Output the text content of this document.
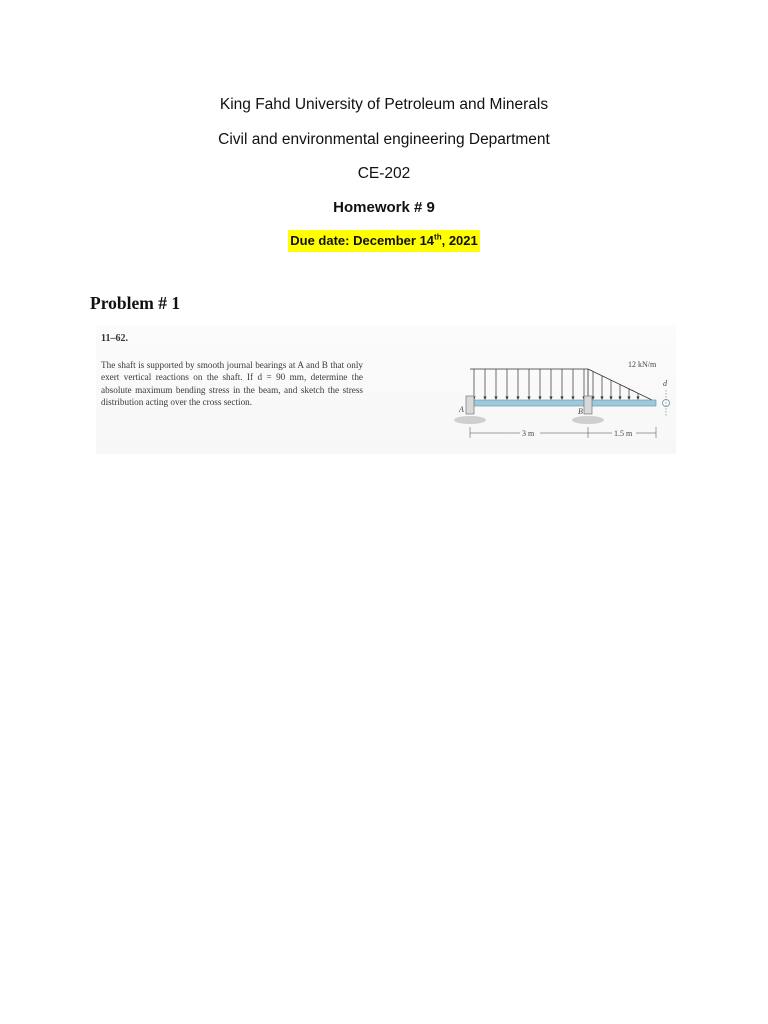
King Fahd University of Petroleum and Minerals
Civil and environmental engineering Department
CE-202
Homework # 9
Due date: December 14th, 2021
Problem # 1
11–62.
The shaft is supported by smooth journal bearings at A and B that only exert vertical reactions on the shaft. If d = 90 mm, determine the absolute maximum bending stress in the beam, and sketch the stress distribution acting over the cross section.
A	B
12 kN/m
d
3 m	1.5 m
